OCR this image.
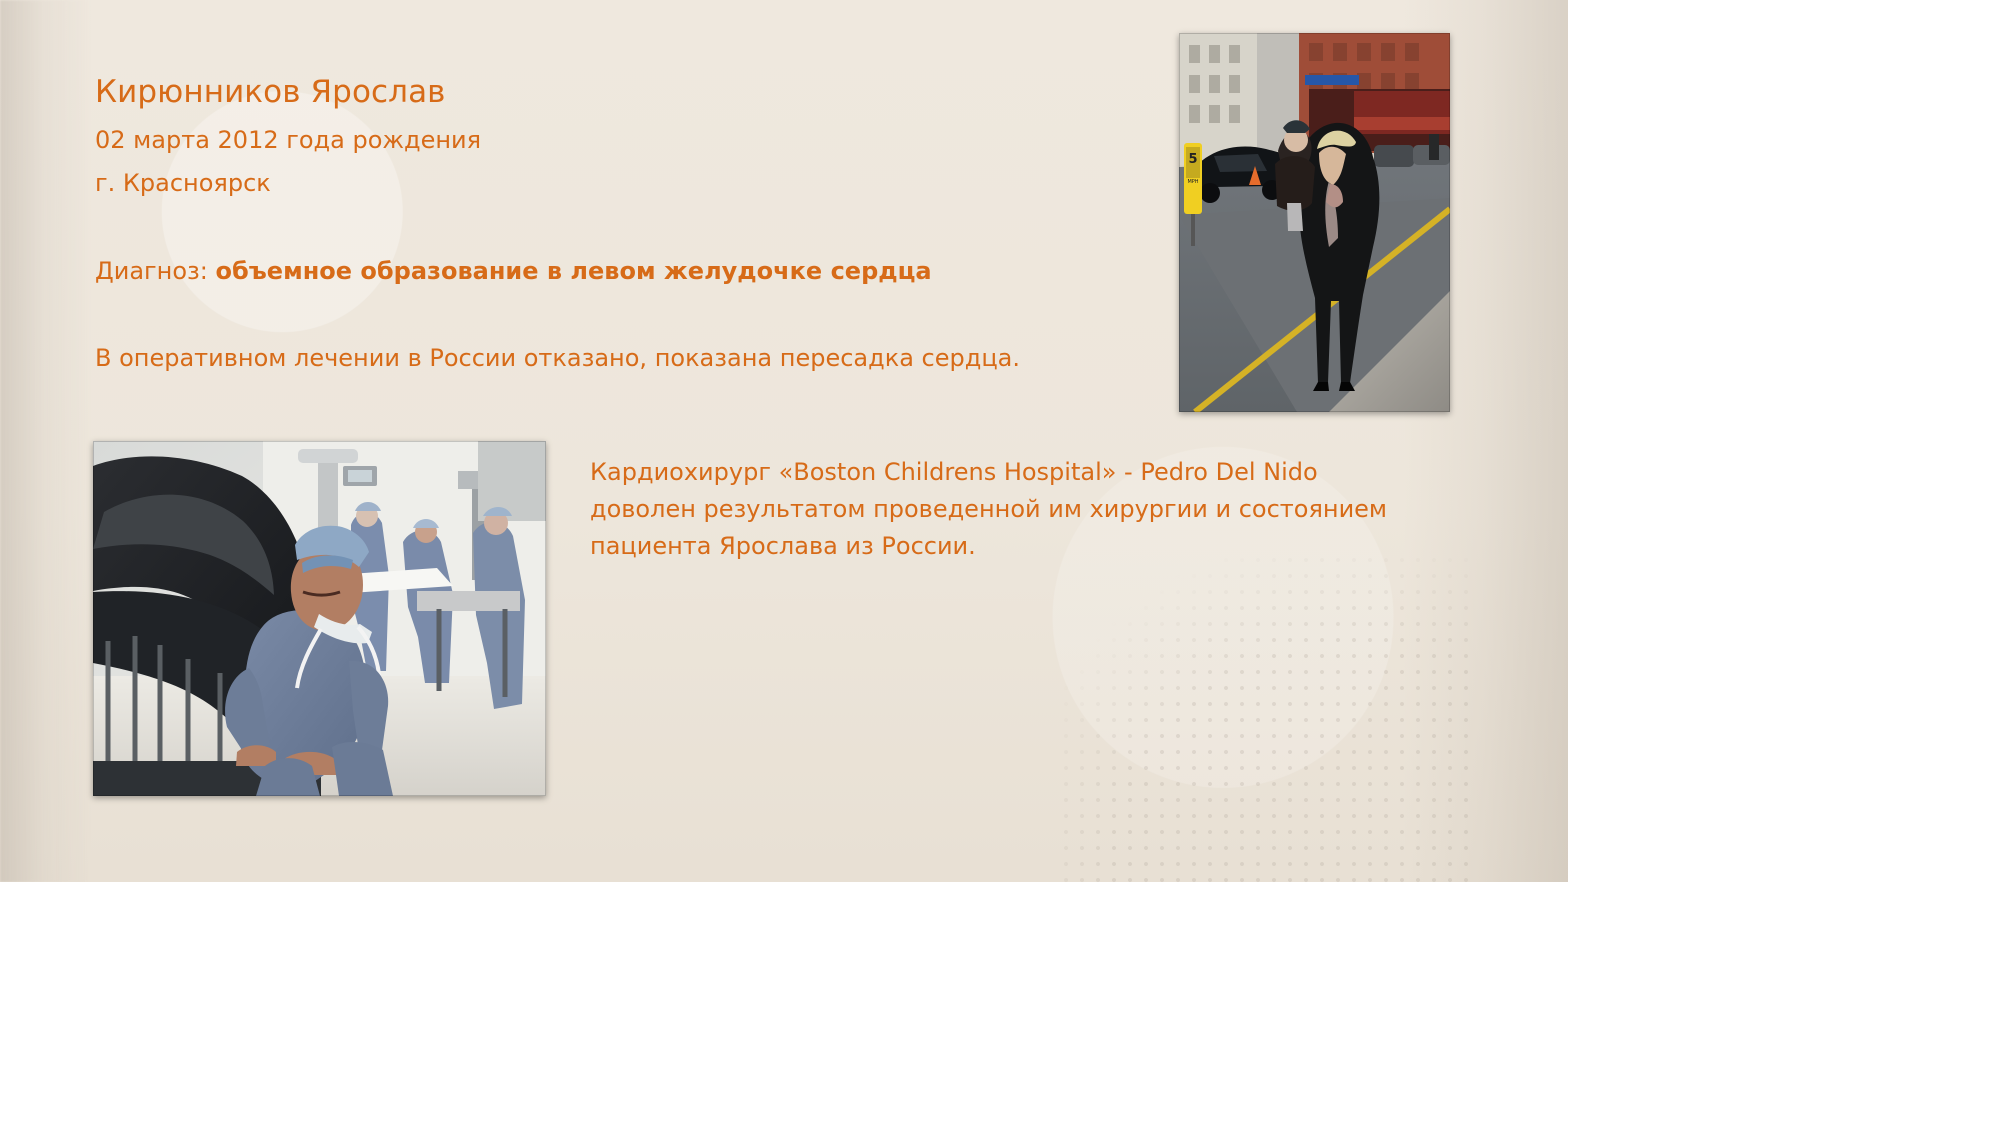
Кирюнников Ярослав
02 марта 2012 года рождения
г. Красноярск
Диагноз: объемное образование в левом желудочке сердца
В оперативном лечении в России отказано, показана пересадка сердца.
Кардиохирург «Boston Childrens Hospital» - Pedro Del Nido
доволен результатом проведенной им хирургии и состоянием
пациента Ярослава из России.
5
MPH
